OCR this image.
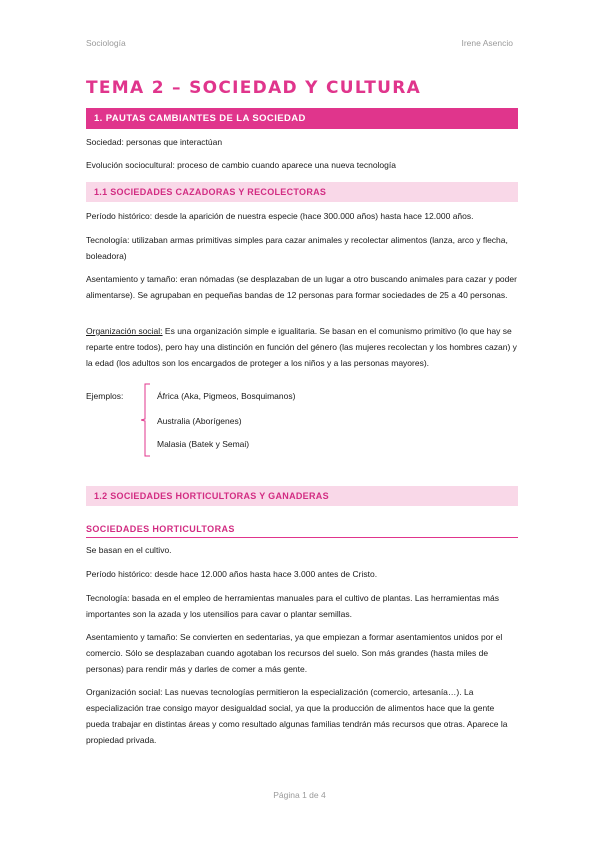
Sociología	Irene Asencio
TEMA 2 – SOCIEDAD Y CULTURA
1. PAUTAS CAMBIANTES DE LA SOCIEDAD

Sociedad: personas que interactúan

Evolución sociocultural: proceso de cambio cuando aparece una nueva tecnología

1.1 SOCIEDADES CAZADORAS Y RECOLECTORAS

Período histórico: desde la aparición de nuestra especie (hace 300.000 años) hasta hace 12.000 años.

Tecnología: utilizaban armas primitivas simples para cazar animales y recolectar alimentos (lanza, arco y flecha, boleadora)

Asentamiento y tamaño: eran nómadas (se desplazaban de un lugar a otro buscando animales para cazar y poder alimentarse). Se agrupaban en pequeñas bandas de 12 personas para formar sociedades de 25 a 40 personas.

Organización social: Es una organización simple e igualitaria. Se basan en el comunismo primitivo (lo que hay se reparte entre todos), pero hay una distinción en función del género (las mujeres recolectan y los hombres cazan) y la edad (los adultos son los encargados de proteger a los niños y a las personas mayores).

Ejemplos:	África (Aka, Pigmeos, Bosquimanos)
Australia (Aborígenes)
Malasia (Batek y Semai)
1.2 SOCIEDADES HORTICULTORAS Y GANADERAS
SOCIEDADES HORTICULTORAS

Se basan en el cultivo.

Período histórico: desde hace 12.000 años hasta hace 3.000 antes de Cristo.

Tecnología: basada en el empleo de herramientas manuales para el cultivo de plantas. Las herramientas más importantes son la azada y los utensilios para cavar o plantar semillas.

Asentamiento y tamaño: Se convierten en sedentarias, ya que empiezan a formar asentamientos unidos por el comercio. Sólo se desplazaban cuando agotaban los recursos del suelo. Son más grandes (hasta miles de personas) para rendir más y darles de comer a más gente.

Organización social: Las nuevas tecnologías permitieron la especialización (comercio, artesanía…). La especialización trae consigo mayor desigualdad social, ya que la producción de alimentos hace que la gente pueda trabajar en distintas áreas y como resultado algunas familias tendrán más recursos que otras. Aparece la propiedad privada.

Página 1 de 4
